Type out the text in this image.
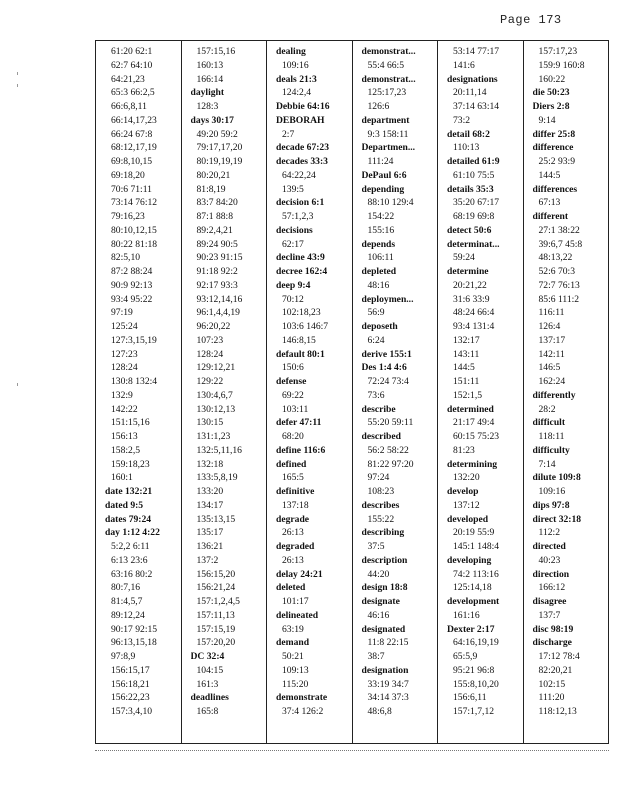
Page 173
61:20 62:1
62:7 64:10
64:21,23
65:3 66:2,5
66:6,8,11
66:14,17,23
66:24 67:8
68:12,17,19
69:8,10,15
69:18,20
70:6 71:11
73:14 76:12
79:16,23
80:10,12,15
80:22 81:18
82:5,10
87:2 88:24
90:9 92:13
93:4 95:22
97:19
125:24
127:3,15,19
127:23
128:24
130:8 132:4
132:9
142:22
151:15,16
156:13
158:2,5
159:18,23
160:1
date 132:21
dated 9:5
dates 79:24
day 1:12 4:22
5:2,2 6:11
6:13 23:6
63:16 80:2
80:7,16
81:4,5,7
89:12,24
90:17 92:15
96:13,15,18
97:8,9
156:15,17
156:18,21
156:22,23
157:3,4,10
157:15,16
160:13
166:14
daylight
128:3
days 30:17
49:20 59:2
79:17,17,20
80:19,19,19
80:20,21
81:8,19
83:7 84:20
87:1 88:8
89:2,4,21
89:24 90:5
90:23 91:15
91:18 92:2
92:17 93:3
93:12,14,16
96:1,4,4,19
96:20,22
107:23
128:24
129:12,21
129:22
130:4,6,7
130:12,13
130:15
131:1,23
132:5,11,16
132:18
133:5,8,19
133:20
134:17
135:13,15
135:17
136:21
137:2
156:15,20
156:21,24
157:1,2,4,5
157:11,13
157:15,19
157:20,20
DC 32:4
104:15
161:3
deadlines
165:8
dealing
109:16
deals 21:3
124:2,4
Debbie 64:16
DEBORAH
2:7
decade 67:23
decades 33:3
64:22,24
139:5
decision 6:1
57:1,2,3
decisions
62:17
decline 43:9
decree 162:4
deep 9:4
70:12
102:18,23
103:6 146:7
146:8,15
default 80:1
150:6
defense
69:22
103:11
defer 47:11
68:20
define 116:6
defined
165:5
definitive
137:18
degrade
26:13
degraded
26:13
delay 24:21
deleted
101:17
delineated
63:19
demand
50:21
109:13
115:20
demonstrate
37:4 126:2
demonstrat...
55:4 66:5
demonstrat...
125:17,23
126:6
department
9:3 158:11
Departmen...
111:24
DePaul 6:6
depending
88:10 129:4
154:22
155:16
depends
106:11
depleted
48:16
deploymen...
56:9
deposeth
6:24
derive 155:1
Des 1:4 4:6
72:24 73:4
73:6
describe
55:20 59:11
described
56:2 58:22
81:22 97:20
97:24
108:23
describes
155:22
describing
37:5
description
44:20
design 18:8
designate
46:16
designated
11:8 22:15
38:7
designation
33:19 34:7
34:14 37:3
48:6,8
53:14 77:17
141:6
designations
20:11,14
37:14 63:14
73:2
detail 68:2
110:13
detailed 61:9
61:10 75:5
details 35:3
35:20 67:17
68:19 69:8
detect 50:6
determinat...
59:24
determine
20:21,22
31:6 33:9
48:24 66:4
93:4 131:4
132:17
143:11
144:5
151:11
152:1,5
determined
21:17 49:4
60:15 75:23
81:23
determining
132:20
develop
137:12
developed
20:19 55:9
145:1 148:4
developing
74:2 113:16
125:14,18
development
161:16
Dexter 2:17
64:16,19,19
65:5,9
95:21 96:8
155:8,10,20
156:6,11
157:1,7,12
157:17,23
159:9 160:8
160:22
die 50:23
Diers 2:8
9:14
differ 25:8
difference
25:2 93:9
144:5
differences
67:13
different
27:1 38:22
39:6,7 45:8
48:13,22
52:6 70:3
72:7 76:13
85:6 111:2
116:11
126:4
137:17
142:11
146:5
162:24
differently
28:2
difficult
118:11
difficulty
7:14
dilute 109:8
109:16
dips 97:8
direct 32:18
112:2
directed
40:23
direction
166:12
disagree
137:7
disc 98:19
discharge
17:12 78:4
82:20,21
102:15
111:20
118:12,13
